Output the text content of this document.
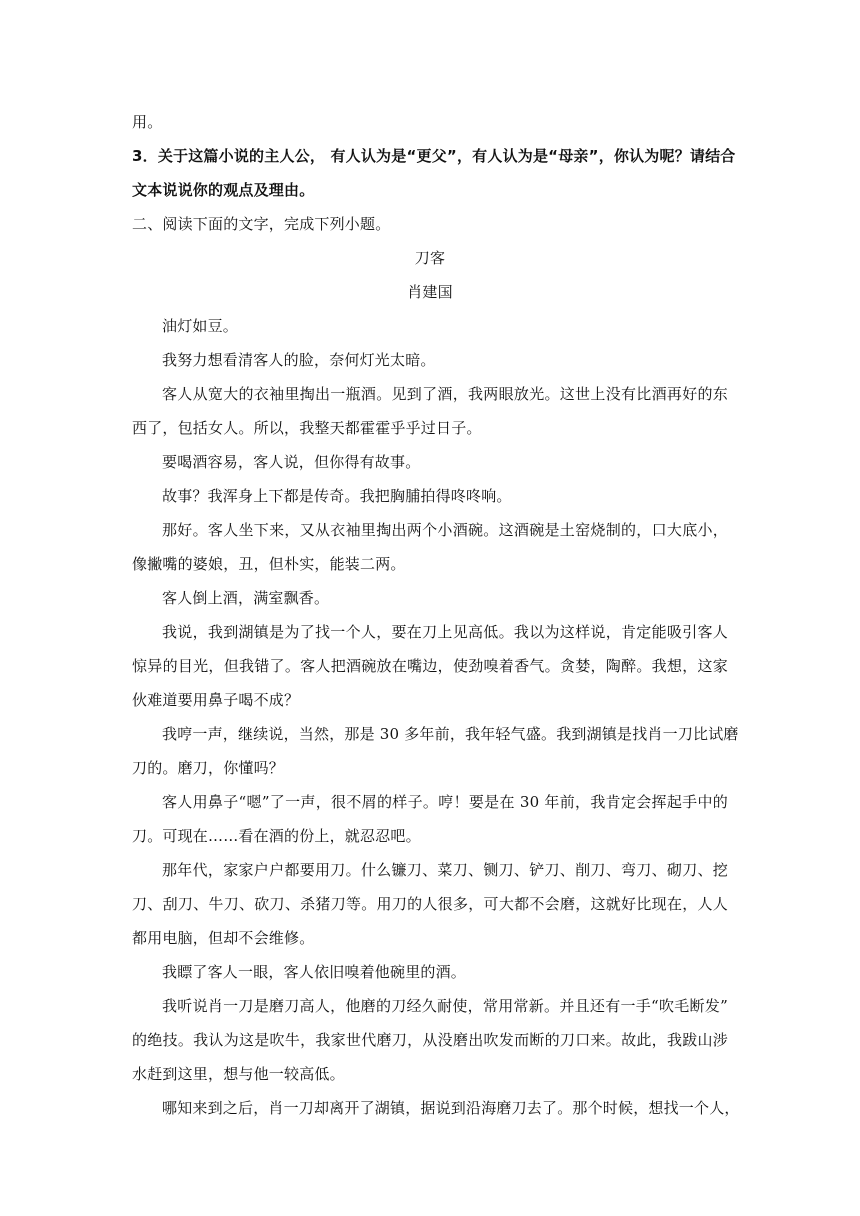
用。
3．关于这篇小说的主人公， 有人认为是“更父”，有人认为是“母亲”，你认为呢？请结合
文本说说你的观点及理由。
二、阅读下面的文字，完成下列小题。
刀客
肖建国
油灯如豆。
我努力想看清客人的脸，奈何灯光太暗。
客人从宽大的衣袖里掏出一瓶酒。见到了酒，我两眼放光。这世上没有比酒再好的东
西了，包括女人。所以，我整天都霍霍乎乎过日子。
要喝酒容易，客人说，但你得有故事。
故事？我浑身上下都是传奇。我把胸脯拍得咚咚响。
那好。客人坐下来，又从衣袖里掏出两个小酒碗。这酒碗是土窑烧制的，口大底小，
像撇嘴的婆娘，丑，但朴实，能装二两。
客人倒上酒，满室飘香。
我说，我到湖镇是为了找一个人，要在刀上见高低。我以为这样说，肯定能吸引客人
惊异的目光，但我错了。客人把酒碗放在嘴边，使劲嗅着香气。贪婪，陶醉。我想，这家
伙难道要用鼻子喝不成？
我哼一声，继续说，当然，那是 30 多年前，我年轻气盛。我到湖镇是找肖一刀比试磨
刀的。磨刀，你懂吗？
客人用鼻子“嗯”了一声，很不屑的样子。哼！要是在 30 年前，我肯定会挥起手中的
刀。可现在……看在酒的份上，就忍忍吧。
那年代，家家户户都要用刀。什么镰刀、菜刀、铡刀、铲刀、削刀、弯刀、砌刀、挖
刀、刮刀、牛刀、砍刀、杀猪刀等。用刀的人很多，可大都不会磨，这就好比现在，人人
都用电脑，但却不会维修。
我瞟了客人一眼，客人依旧嗅着他碗里的酒。
我听说肖一刀是磨刀高人，他磨的刀经久耐使，常用常新。并且还有一手“吹毛断发”
的绝技。我认为这是吹牛，我家世代磨刀，从没磨出吹发而断的刀口来。故此，我跋山涉
水赶到这里，想与他一较高低。
哪知来到之后，肖一刀却离开了湖镇，据说到沿海磨刀去了。那个时候，想找一个人，
